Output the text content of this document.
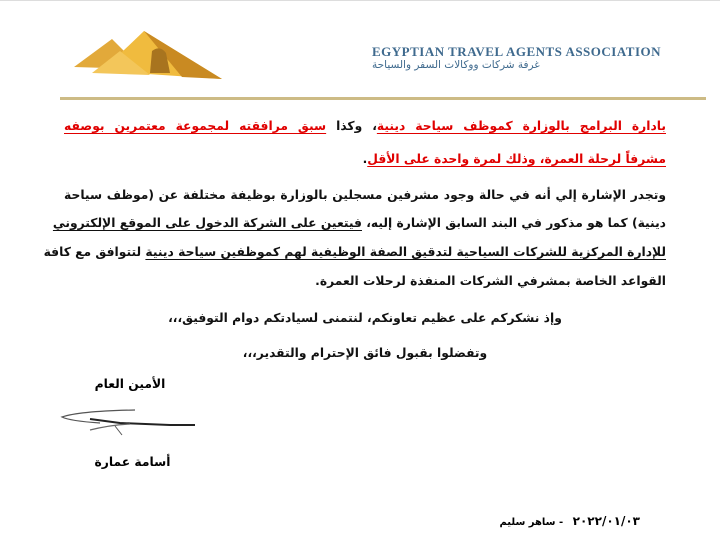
EGYPTIAN TRAVEL AGENTS ASSOCIATION
غرفة شركات ووكالات السفر والسياحة
بادارة البرامج بالوزارة كموظف سياحة دينية، وكذا سبق مرافقته لمجموعة معتمرين بوصفه
مشرفاً لرحلة العمرة، وذلك لمرة واحدة على الأقل.
وتجدر الإشارة إلي أنه في حالة وجود مشرفين مسجلين بالوزارة بوظيفة مختلفة عن (موظف سياحة
دينية) كما هو مذكور في البند السابق الإشارة إليه، فيتعين على الشركة الدخول على الموقع الإلكتروني
للإدارة المركزية للشركات السياحية لتدقيق الصفة الوظيفية لهم كموظفين سياحة دينية لتتوافق مع كافة
القواعد الخاصة بمشرفي الشركات المنفذة لرحلات العمرة.
وإذ نشكركم على عظيم تعاونكم، لنتمنى لسيادتكم دوام التوفيق،،،
وتفضلوا بقبول فائق الإحترام والتقدير،،،
الأمين العام
أسامة عمارة
٢٠٢٢/٠١/٠٣ - ساهر سليم
